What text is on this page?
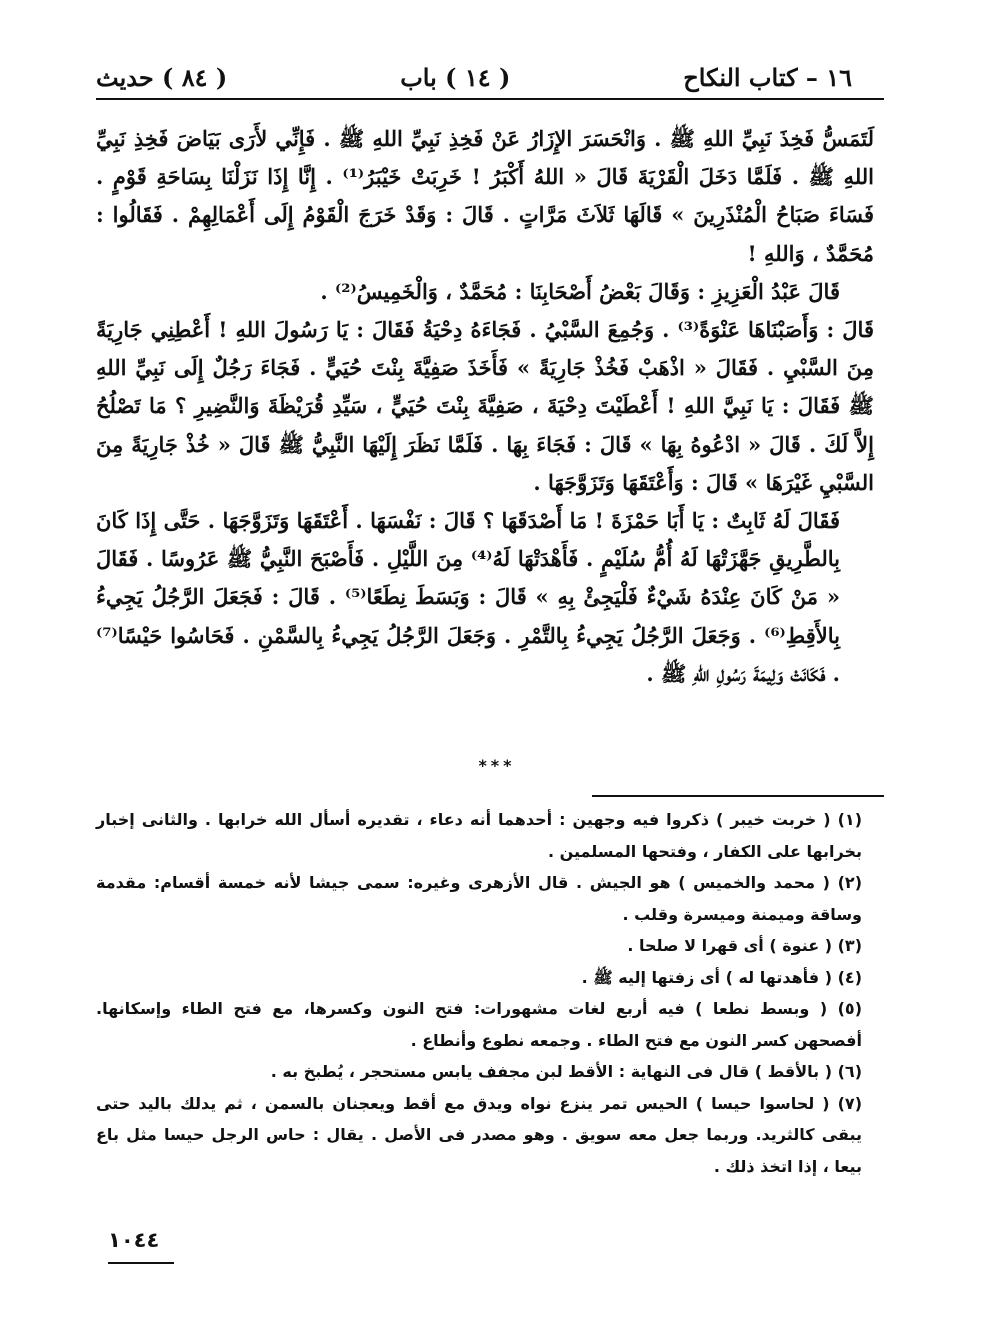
١٦ – كتاب النكاح
( ١٤ ) باب
( ٨٤ ) حديث

لَتَمَسُّ فَخِذَ نَبِيِّ اللهِ ﷺ . وَانْحَسَرَ الإِزَارُ عَنْ فَخِذِ نَبِيِّ اللهِ ﷺ . فَإِنِّي لأَرَى بَيَاضَ فَخِذِ نَبِيِّ اللهِ ﷺ . فَلَمَّا دَخَلَ الْقَرْيَةَ قَالَ « اللهُ أَكْبَرُ ! خَرِبَتْ خَيْبَرُ⁽¹⁾ . إِنَّا إِذَا نَزَلْنَا بِسَاحَةِ قَوْمٍ . فَسَاءَ صَبَاحُ الْمُنْذَرِينَ » قَالَهَا ثَلاَثَ مَرَّاتٍ . قَالَ : وَقَدْ خَرَجَ الْقَوْمُ إِلَى أَعْمَالِهِمْ . فَقَالُوا : مُحَمَّدٌ ، وَاللهِ !

قَالَ عَبْدُ الْعَزِيزِ : وَقَالَ بَعْضُ أَصْحَابِنَا : مُحَمَّدٌ ، وَالْخَمِيسُ⁽²⁾ .

قَالَ : وَأَصَبْنَاهَا عَنْوَةً⁽³⁾ . وَجُمِعَ السَّبْيُ . فَجَاءَهُ دِحْيَةُ فَقَالَ : يَا رَسُولَ اللهِ ! أَعْطِنِي جَارِيَةً مِنَ السَّبْيِ . فَقَالَ « اذْهَبْ فَخُذْ جَارِيَةً » فَأَخَذَ صَفِيَّةَ بِنْتَ حُيَيٍّ . فَجَاءَ رَجُلٌ إِلَى نَبِيِّ اللهِ ﷺ فَقَالَ : يَا نَبِيَّ اللهِ ! أَعْطَيْتَ دِحْيَةَ ، صَفِيَّةَ بِنْتَ حُيَيٍّ ، سَيِّدِ قُرَيْظَةَ وَالنَّضِيرِ ؟ مَا تَصْلُحُ إِلاَّ لَكَ . قَالَ « ادْعُوهُ بِهَا » قَالَ : فَجَاءَ بِهَا . فَلَمَّا نَظَرَ إِلَيْهَا النَّبِيُّ ﷺ قَالَ « خُذْ جَارِيَةً مِنَ السَّبْيِ غَيْرَهَا » قَالَ : وَأَعْتَقَهَا وَتَزَوَّجَهَا .

فَقَالَ لَهُ ثَابِتٌ : يَا أَبَا حَمْزَةَ ! مَا أَصْدَقَهَا ؟ قَالَ : نَفْسَهَا . أَعْتَقَهَا وَتَزَوَّجَهَا . حَتَّى إِذَا كَانَ بِالطَّرِيقِ جَهَّزَتْهَا لَهُ أُمُّ سُلَيْمٍ . فَأَهْدَتْهَا لَهُ⁽⁴⁾ مِنَ اللَّيْلِ . فَأَصْبَحَ النَّبِيُّ ﷺ عَرُوسًا . فَقَالَ « مَنْ كَانَ عِنْدَهُ شَيْءٌ فَلْيَجِئْ بِهِ » قَالَ : وَبَسَطَ نِطَعًا⁽⁵⁾ . قَالَ : فَجَعَلَ الرَّجُلُ يَجِيءُ بِالأَقِطِ⁽⁶⁾ . وَجَعَلَ الرَّجُلُ يَجِيءُ بِالتَّمْرِ . وَجَعَلَ الرَّجُلُ يَجِيءُ بِالسَّمْنِ . فَحَاسُوا حَيْسًا⁽⁷⁾ . فَكَانَتْ وَلِيمَةَ رَسُولِ اللهِ ﷺ .

***

(١) ( خربت خيبر ) ذكروا فيه وجهين : أحدهما أنه دعاء ، تقديره أسأل الله خرابها . والثانى إخبار بخرابها على الكفار ، وفتحها المسلمين .

(٢) ( محمد والخميس ) هو الجيش . قال الأزهرى وغيره: سمى جيشا لأنه خمسة أقسام: مقدمة وساقة وميمنة وميسرة وقلب .

(٣) ( عنوة ) أى قهرا لا صلحا .

(٤) ( فأهدتها له ) أى زفتها إليه ﷺ .

(٥) ( وبسط نطعا ) فيه أربع لغات مشهورات: فتح النون وكسرها، مع فتح الطاء وإسكانها. أفصحهن كسر النون مع فتح الطاء . وجمعه نطوع وأنطاع .

(٦) ( بالأقط ) قال فى النهاية : الأقط لبن مجفف يابس مستحجر ، يُطبخ به .

(٧) ( لحاسوا حيسا ) الحيس تمر ينزع نواه ويدق مع أقط ويعجنان بالسمن ، ثم يدلك باليد حتى يبقى كالثريد. وربما جعل معه سويق . وهو مصدر فى الأصل . يقال : حاس الرجل حيسا مثل باع بيعا ، إذا اتخذ ذلك .

١٠٤٤
